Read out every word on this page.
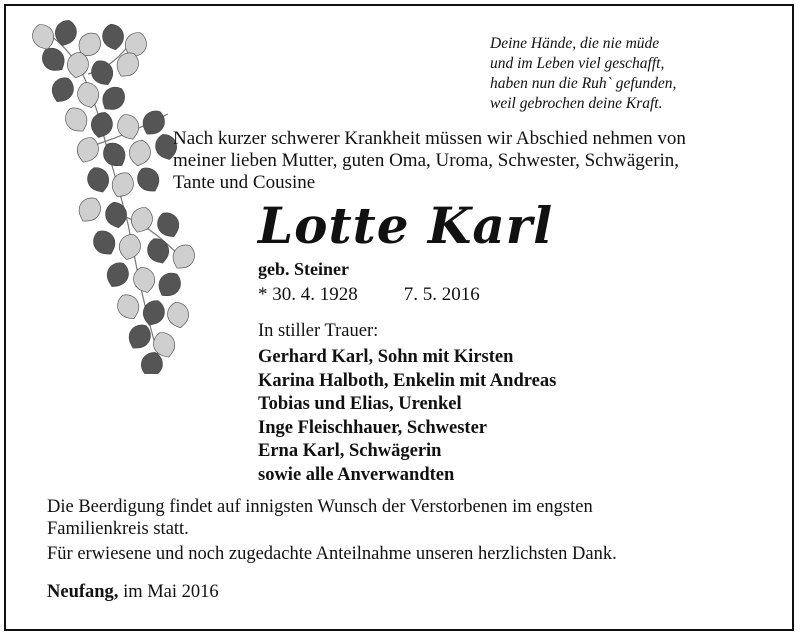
Deine Hände, die nie müde
und im Leben viel geschafft,
haben nun die Ruh` gefunden,
weil gebrochen deine Kraft.
Nach kurzer schwerer Krankheit müssen wir Abschied nehmen von
meiner lieben Mutter, guten Oma, Uroma, Schwester, Schwägerin,
Tante und Cousine
Lotte Karl
geb. Steiner
* 30. 4. 1928 7. 5. 2016
In stiller Trauer:
Gerhard Karl, Sohn mit Kirsten
Karina Halboth, Enkelin mit Andreas
Tobias und Elias, Urenkel
Inge Fleischhauer, Schwester
Erna Karl, Schwägerin
sowie alle Anverwandten
Die Beerdigung findet auf innigsten Wunsch der Verstorbenen im engsten
Familienkreis statt.
Für erwiesene und noch zugedachte Anteilnahme unseren herzlichsten Dank.
Neufang, im Mai 2016
